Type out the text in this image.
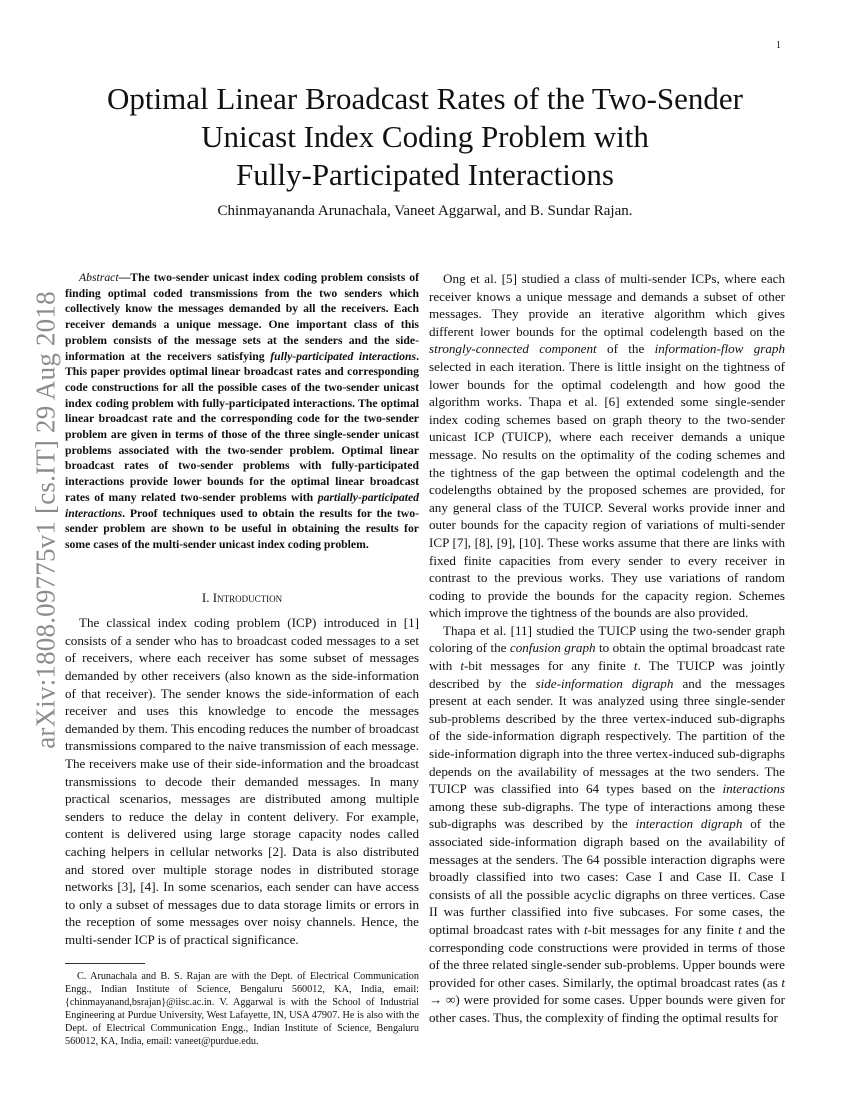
1
arXiv:1808.09775v1 [cs.IT] 29 Aug 2018
Optimal Linear Broadcast Rates of the Two-Sender
Unicast Index Coding Problem with
Fully-Participated Interactions

Chinmayananda Arunachala, Vaneet Aggarwal, and B. Sundar Rajan.

Abstract—The two-sender unicast index coding problem consists of finding optimal coded transmissions from the two senders which collectively know the messages demanded by all the receivers. Each receiver demands a unique message. One important class of this problem consists of the message sets at the senders and the side-information at the receivers satisfying fully-participated interactions. This paper provides optimal linear broadcast rates and corresponding code constructions for all the possible cases of the two-sender unicast index coding problem with fully-participated interactions. The optimal linear broadcast rate and the corresponding code for the two-sender problem are given in terms of those of the three single-sender unicast problems associated with the two-sender problem. Optimal linear broadcast rates of two-sender problems with fully-participated interactions provide lower bounds for the optimal linear broadcast rates of many related two-sender problems with partially-participated interactions. Proof techniques used to obtain the results for the two-sender problem are shown to be useful in obtaining the results for some cases of the multi-sender unicast index coding problem.

I. Introduction

The classical index coding problem (ICP) introduced in [1] consists of a sender who has to broadcast coded messages to a set of receivers, where each receiver has some subset of messages demanded by other receivers (also known as the side-information of that receiver). The sender knows the side-information of each receiver and uses this knowledge to encode the messages demanded by them. This encoding reduces the number of broadcast transmissions compared to the naive transmission of each message. The receivers make use of their side-information and the broadcast transmissions to decode their demanded messages. In many practical scenarios, messages are distributed among multiple senders to reduce the delay in content delivery. For example, content is delivered using large storage capacity nodes called caching helpers in cellular networks [2]. Data is also distributed and stored over multiple storage nodes in distributed storage networks [3], [4]. In some scenarios, each sender can have access to only a subset of messages due to data storage limits or errors in the reception of some messages over noisy channels. Hence, the multi-sender ICP is of practical significance.

C. Arunachala and B. S. Rajan are with the Dept. of Electrical Communication Engg., Indian Institute of Science, Bengaluru 560012, KA, India, email: {chinmayanand,bsrajan}@iisc.ac.in. V. Aggarwal is with the School of Industrial Engineering at Purdue University, West Lafayette, IN, USA 47907. He is also with the Dept. of Electrical Communication Engg., Indian Institute of Science, Bengaluru 560012, KA, India, email: vaneet@purdue.edu.

Ong et al. [5] studied a class of multi-sender ICPs, where each receiver knows a unique message and demands a subset of other messages. They provide an iterative algorithm which gives different lower bounds for the optimal codelength based on the strongly-connected component of the information-flow graph selected in each iteration. There is little insight on the tightness of lower bounds for the optimal codelength and how good the algorithm works. Thapa et al. [6] extended some single-sender index coding schemes based on graph theory to the two-sender unicast ICP (TUICP), where each receiver demands a unique message. No results on the optimality of the coding schemes and the tightness of the gap between the optimal codelength and the codelengths obtained by the proposed schemes are provided, for any general class of the TUICP. Several works provide inner and outer bounds for the capacity region of variations of multi-sender ICP [7], [8], [9], [10]. These works assume that there are links with fixed finite capacities from every sender to every receiver in contrast to the previous works. They use variations of random coding to provide the bounds for the capacity region. Schemes which improve the tightness of the bounds are also provided.

Thapa et al. [11] studied the TUICP using the two-sender graph coloring of the confusion graph to obtain the optimal broadcast rate with t-bit messages for any finite t. The TUICP was jointly described by the side-information digraph and the messages present at each sender. It was analyzed using three single-sender sub-problems described by the three vertex-induced sub-digraphs of the side-information digraph respectively. The partition of the side-information digraph into the three vertex-induced sub-digraphs depends on the availability of messages at the two senders. The TUICP was classified into 64 types based on the interactions among these sub-digraphs. The type of interactions among these sub-digraphs was described by the interaction digraph of the associated side-information digraph based on the availability of messages at the senders. The 64 possible interaction digraphs were broadly classified into two cases: Case I and Case II. Case I consists of all the possible acyclic digraphs on three vertices. Case II was further classified into five subcases. For some cases, the optimal broadcast rates with t-bit messages for any finite t and the corresponding code constructions were provided in terms of those of the three related single-sender sub-problems. Upper bounds were provided for other cases. Similarly, the optimal broadcast rates (as t → ∞) were provided for some cases. Upper bounds were given for other cases. Thus, the complexity of finding the optimal results for
